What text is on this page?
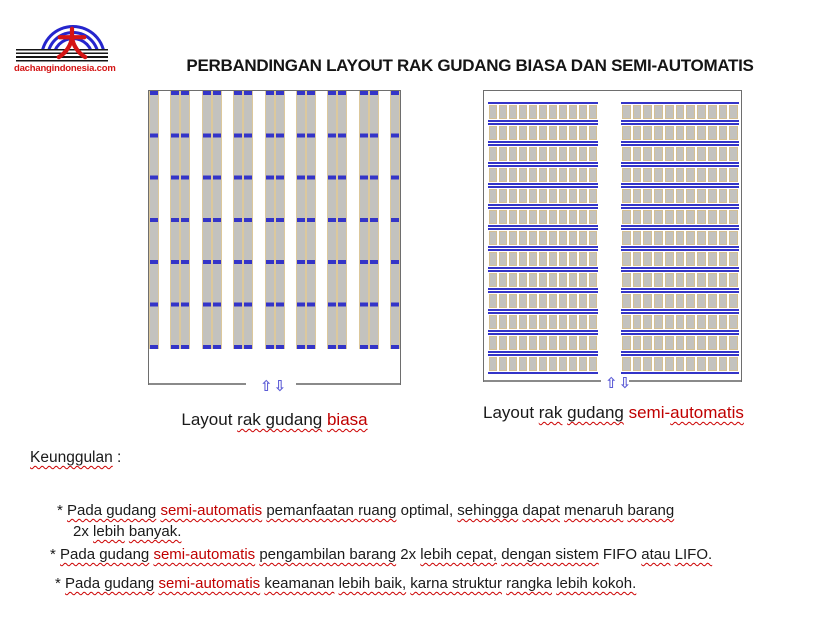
dachangindonesia.com	PERBANDINGAN LAYOUT RAK GUDANG BIASA DAN SEMI-AUTOMATIS
⇧ ⇩	⇧ ⇩
Layout rak gudang biasa	Layout rak gudang semi-automatis
Keunggulan :
* Pada gudang semi-automatis pemanfaatan ruang optimal, sehingga dapat menaruh barang
2x lebih banyak.
* Pada gudang semi-automatis pengambilan barang 2x lebih cepat, dengan sistem FIFO atau LIFO.
* Pada gudang semi-automatis keamanan lebih baik, karna struktur rangka lebih kokoh.
